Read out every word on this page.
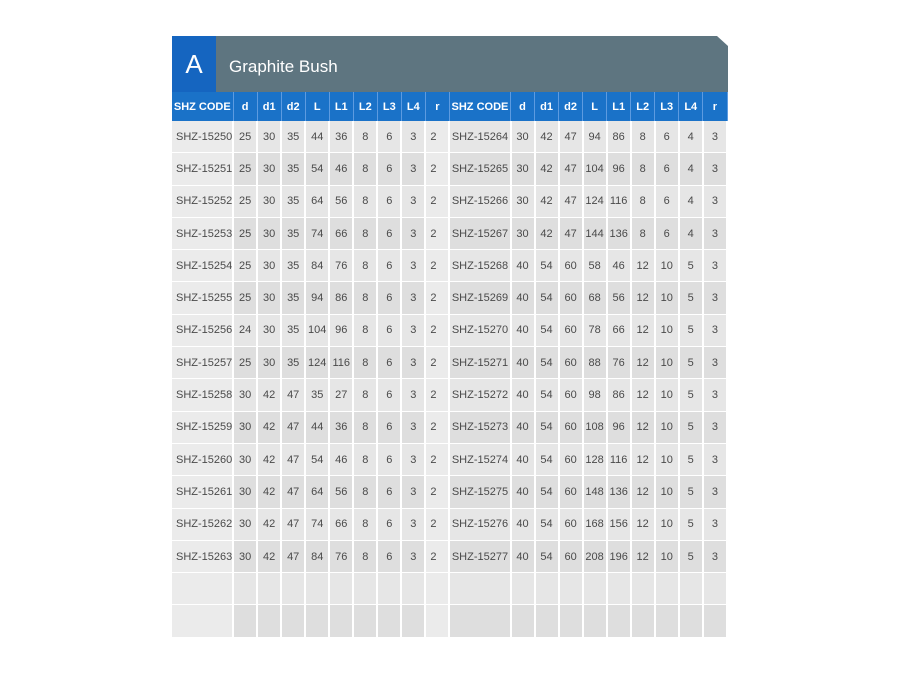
A	Graphite Bush
SHZ CODE	d	d1	d2	L	L1	L2	L3	L4	r	SHZ CODE	d	d1	d2	L	L1	L2	L3	L4	r
SHZ-15250	25	30	35	44	36	8	6	3	2	SHZ-15264	30	42	47	94	86	8	6	4	3
SHZ-15251	25	30	35	54	46	8	6	3	2	SHZ-15265	30	42	47	104	96	8	6	4	3
SHZ-15252	25	30	35	64	56	8	6	3	2	SHZ-15266	30	42	47	124	116	8	6	4	3
SHZ-15253	25	30	35	74	66	8	6	3	2	SHZ-15267	30	42	47	144	136	8	6	4	3
SHZ-15254	25	30	35	84	76	8	6	3	2	SHZ-15268	40	54	60	58	46	12	10	5	3
SHZ-15255	25	30	35	94	86	8	6	3	2	SHZ-15269	40	54	60	68	56	12	10	5	3
SHZ-15256	24	30	35	104	96	8	6	3	2	SHZ-15270	40	54	60	78	66	12	10	5	3
SHZ-15257	25	30	35	124	116	8	6	3	2	SHZ-15271	40	54	60	88	76	12	10	5	3
SHZ-15258	30	42	47	35	27	8	6	3	2	SHZ-15272	40	54	60	98	86	12	10	5	3
SHZ-15259	30	42	47	44	36	8	6	3	2	SHZ-15273	40	54	60	108	96	12	10	5	3
SHZ-15260	30	42	47	54	46	8	6	3	2	SHZ-15274	40	54	60	128	116	12	10	5	3
SHZ-15261	30	42	47	64	56	8	6	3	2	SHZ-15275	40	54	60	148	136	12	10	5	3
SHZ-15262	30	42	47	74	66	8	6	3	2	SHZ-15276	40	54	60	168	156	12	10	5	3
SHZ-15263	30	42	47	84	76	8	6	3	2	SHZ-15277	40	54	60	208	196	12	10	5	3
